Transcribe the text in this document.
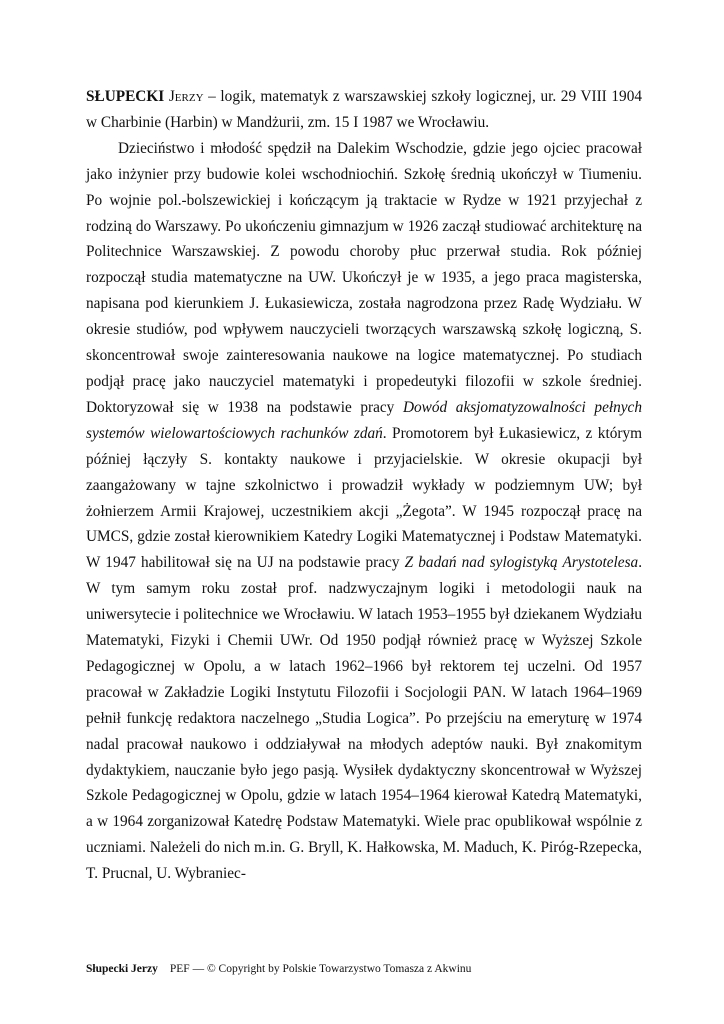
SŁUPECKI Jerzy – logik, matematyk z warszawskiej szkoły logicznej, ur. 29 VIII 1904 w Charbinie (Harbin) w Mandżurii, zm. 15 I 1987 we Wrocławiu.

Dzieciństwo i młodość spędził na Dalekim Wschodzie, gdzie jego ojciec pracował jako inżynier przy budowie kolei wschodniochiń. Szkołę średnią ukończył w Tiumeniu. Po wojnie pol.-bolszewickiej i kończącym ją traktacie w Rydze w 1921 przyjechał z rodziną do Warszawy. Po ukończeniu gimnazjum w 1926 zaczął studiować architekturę na Politechnice Warszawskiej. Z powodu choroby płuc przerwał studia. Rok później rozpoczął studia matematyczne na UW. Ukończył je w 1935, a jego praca magisterska, napisana pod kierunkiem J. Łukasiewicza, została nagrodzona przez Radę Wydziału. W okresie studiów, pod wpływem nauczycieli tworzących warszawską szkołę logiczną, S. skoncentrował swoje zainteresowania naukowe na logice matematycznej. Po studiach podjął pracę jako nauczyciel matematyki i propedeutyki filozofii w szkole średniej. Doktoryzował się w 1938 na podstawie pracy Dowód aksjomatyzowalności pełnych systemów wielowartościowych rachunków zdań. Promotorem był Łukasiewicz, z którym później łączyły S. kontakty naukowe i przyjacielskie. W okresie okupacji był zaangażowany w tajne szkolnictwo i prowadził wykłady w podziemnym UW; był żołnierzem Armii Krajowej, uczestnikiem akcji „Żegota”. W 1945 rozpoczął pracę na UMCS, gdzie został kierownikiem Katedry Logiki Matematycznej i Podstaw Matematyki. W 1947 habilitował się na UJ na podstawie pracy Z badań nad sylogistyką Arystotelesa. W tym samym roku został prof. nadzwyczajnym logiki i metodologii nauk na uniwersytecie i politechnice we Wrocławiu. W latach 1953–1955 był dziekanem Wydziału Matematyki, Fizyki i Chemii UWr. Od 1950 podjął również pracę w Wyższej Szkole Pedagogicznej w Opolu, a w latach 1962–1966 był rektorem tej uczelni. Od 1957 pracował w Zakładzie Logiki Instytutu Filozofii i Socjologii PAN. W latach 1964–1969 pełnił funkcję redaktora naczelnego „Studia Logica”. Po przejściu na emeryturę w 1974 nadal pracował naukowo i oddziaływał na młodych adeptów nauki. Był znakomitym dydaktykiem, nauczanie było jego pasją. Wysiłek dydaktyczny skoncentrował w Wyższej Szkole Pedagogicznej w Opolu, gdzie w latach 1954–1964 kierował Katedrą Matematyki, a w 1964 zorganizował Katedrę Podstaw Matematyki. Wiele prac opublikował wspólnie z uczniami. Należeli do nich m.in. G. Bryll, K. Hałkowska, M. Maduch, K. Piróg-Rzepecka, T. Prucnal, U. Wybraniec-

Słupecki Jerzy PEF — © Copyright by Polskie Towarzystwo Tomasza z Akwinu
